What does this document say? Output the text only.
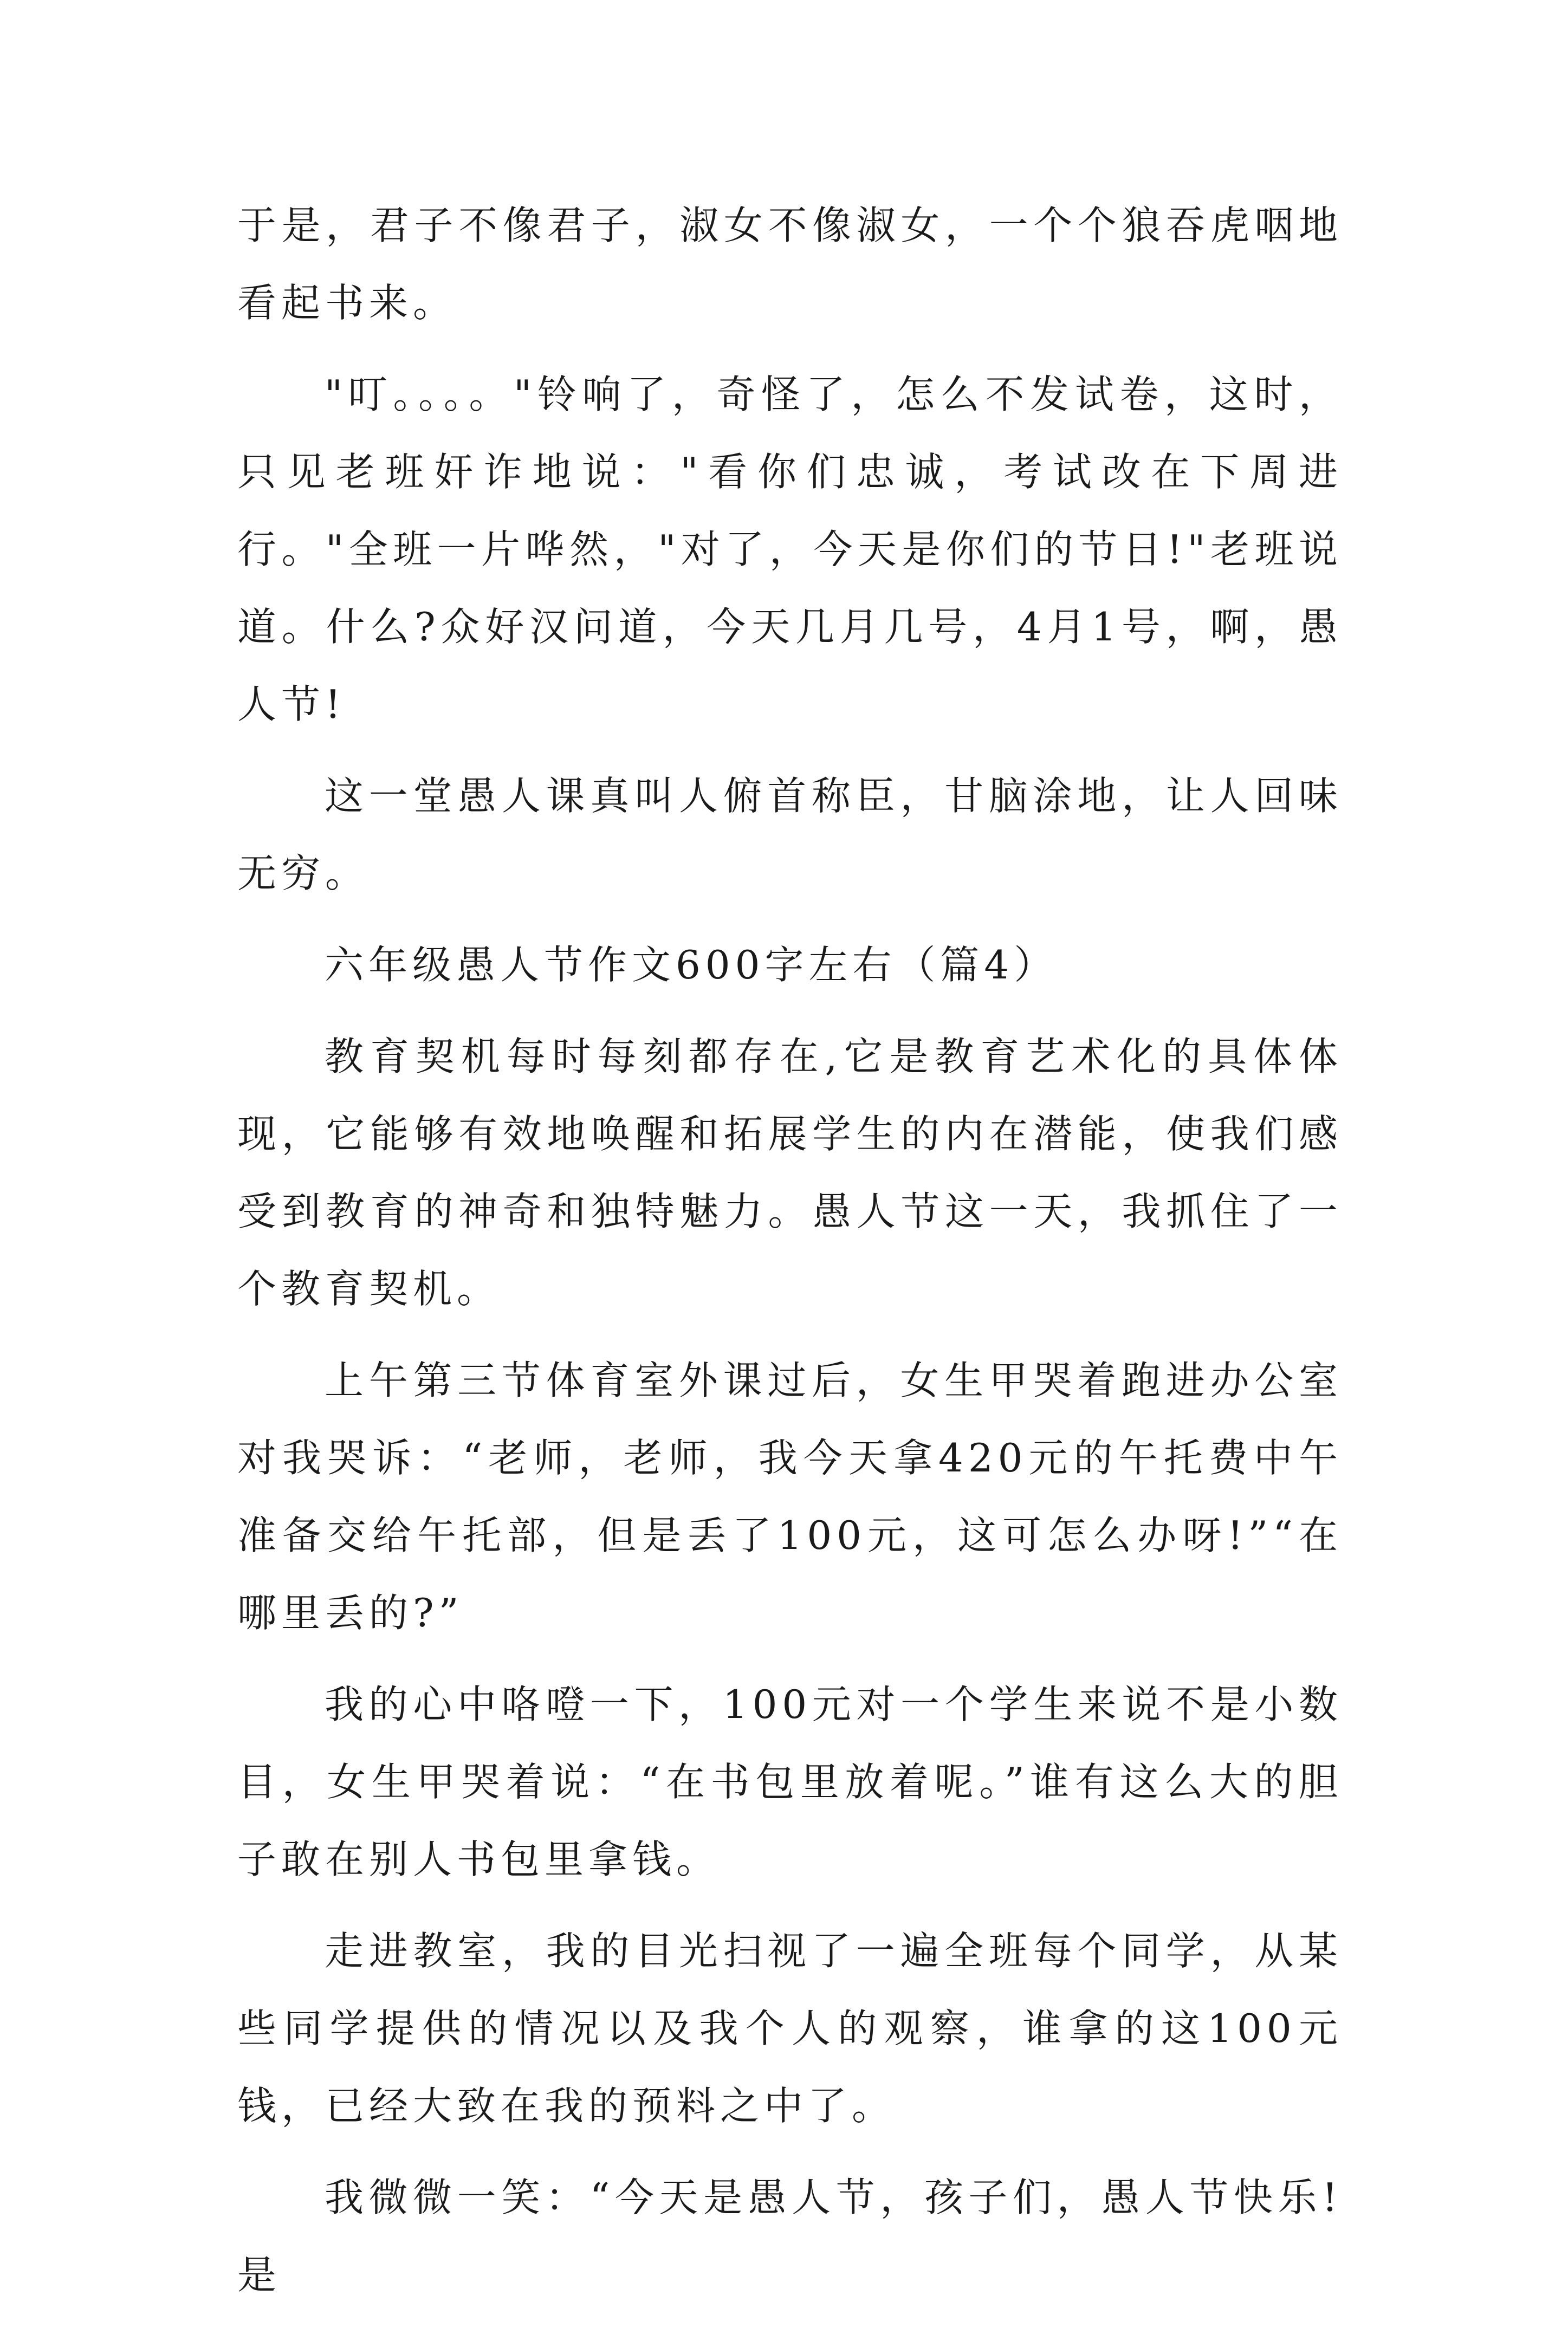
于是，君子不像君子，淑女不像淑女，一个个狼吞虎咽地看起书来。

"叮。。。。"铃响了，奇怪了，怎么不发试卷，这时，只见老班奸诈地说："看你们忠诚，考试改在下周进行。"全班一片哗然，"对了，今天是你们的节日!"老班说道。什么?众好汉问道，今天几月几号，4月1号，啊，愚人节!

这一堂愚人课真叫人俯首称臣，甘脑涂地，让人回味无穷。

六年级愚人节作文600字左右（篇4）

教育契机每时每刻都存在,它是教育艺术化的具体体现，它能够有效地唤醒和拓展学生的内在潜能，使我们感受到教育的神奇和独特魅力。愚人节这一天，我抓住了一个教育契机。

上午第三节体育室外课过后，女生甲哭着跑进办公室对我哭诉：“老师，老师，我今天拿420元的午托费中午准备交给午托部，但是丢了100元，这可怎么办呀!”“在哪里丢的?”

我的心中咯噔一下，100元对一个学生来说不是小数目，女生甲哭着说：“在书包里放着呢。”谁有这么大的胆子敢在别人书包里拿钱。

走进教室，我的目光扫视了一遍全班每个同学，从某些同学提供的情况以及我个人的观察，谁拿的这100元钱，已经大致在我的预料之中了。

我微微一笑：“今天是愚人节，孩子们，愚人节快乐!是
